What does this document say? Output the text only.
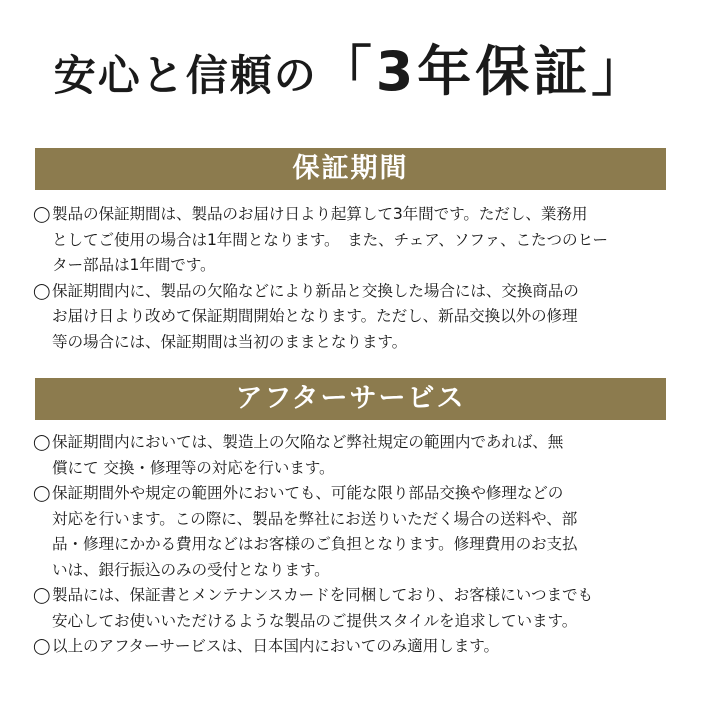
安心と信頼の「3年保証」
保証期間
◯ 製品の保証期間は、製品のお届け日より起算して3年間です。ただし、業務用
としてご使用の場合は1年間となります。　また、チェア、ソファ、こたつのヒー
ター部品は1年間です。
◯ 保証期間内に、製品の欠陥などにより新品と交換した場合には、交換商品の
お届け日より改めて保証期間開始となります。ただし、新品交換以外の修理
等の場合には、保証期間は当初のままとなります。
アフターサービス
◯ 保証期間内においては、製造上の欠陥など弊社規定の範囲内であれば、無
償にて 交換・修理等の対応を行います。
◯ 保証期間外や規定の範囲外においても、可能な限り部品交換や修理などの
対応を行います。この際に、製品を弊社にお送りいただく場合の送料や、部
品・修理にかかる費用などはお客様のご負担となります。修理費用のお支払
いは、銀行振込のみの受付となります。
◯ 製品には、保証書とメンテナンスカードを同梱しており、お客様にいつまでも
安心してお使いいただけるような製品のご提供スタイルを追求しています。
◯ 以上のアフターサービスは、日本国内においてのみ適用します。
